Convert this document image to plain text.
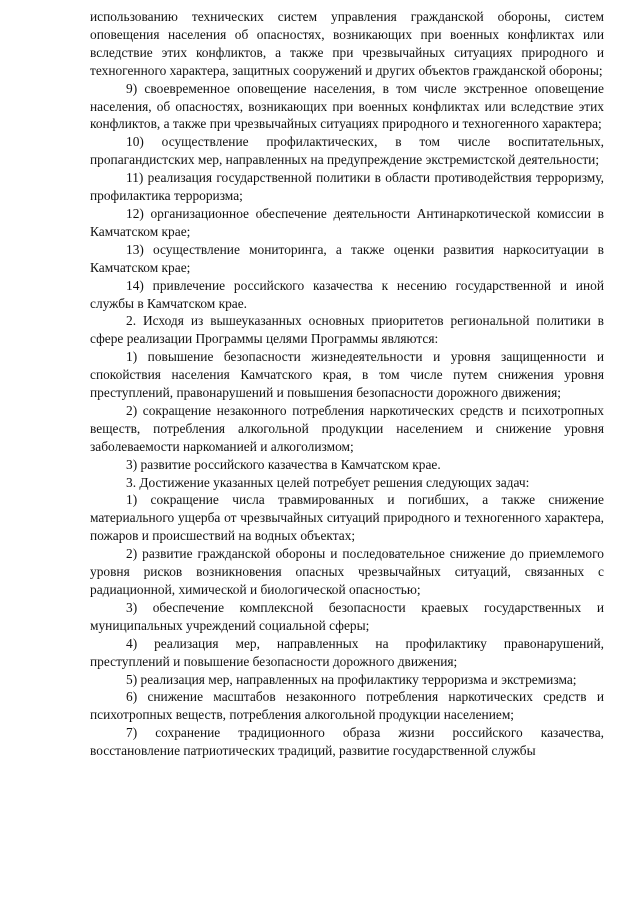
использованию технических систем управления гражданской обороны, систем оповещения населения об опасностях, возникающих при военных конфликтах или вследствие этих конфликтов, а также при чрезвычайных ситуациях природного и техногенного характера, защитных сооружений и других объектов гражданской обороны;

9) своевременное оповещение населения, в том числе экстренное оповещение населения, об опасностях, возникающих при военных конфликтах или вследствие этих конфликтов, а также при чрезвычайных ситуациях природного и техногенного характера;

10) осуществление профилактических, в том числе воспитательных, пропагандистских мер, направленных на предупреждение экстремистской деятельности;

11) реализация государственной политики в области противодействия терроризму, профилактика терроризма;

12) организационное обеспечение деятельности Антинаркотической комиссии в Камчатском крае;

13) осуществление мониторинга, а также оценки развития наркоситуации в Камчатском крае;

14) привлечение российского казачества к несению государственной и иной службы в Камчатском крае.

2. Исходя из вышеуказанных основных приоритетов региональной политики в сфере реализации Программы целями Программы являются:

1) повышение безопасности жизнедеятельности и уровня защищенности и спокойствия населения Камчатского края, в том числе путем снижения уровня преступлений, правонарушений и повышения безопасности дорожного движения;

2) сокращение незаконного потребления наркотических средств и психотропных веществ, потребления алкогольной продукции населением и снижение уровня заболеваемости наркоманией и алкоголизмом;

3) развитие российского казачества в Камчатском крае.

3. Достижение указанных целей потребует решения следующих задач:

1) сокращение числа травмированных и погибших, а также снижение материального ущерба от чрезвычайных ситуаций природного и техногенного характера, пожаров и происшествий на водных объектах;

2) развитие гражданской обороны и последовательное снижение до приемлемого уровня рисков возникновения опасных чрезвычайных ситуаций, связанных с радиационной, химической и биологической опасностью;

3) обеспечение комплексной безопасности краевых государственных и муниципальных учреждений социальной сферы;

4) реализация мер, направленных на профилактику правонарушений, преступлений и повышение безопасности дорожного движения;

5) реализация мер, направленных на профилактику терроризма и экстремизма;

6) снижение масштабов незаконного потребления наркотических средств и психотропных веществ, потребления алкогольной продукции населением;

7) сохранение традиционного образа жизни российского казачества, восстановление патриотических традиций, развитие государственной службы
